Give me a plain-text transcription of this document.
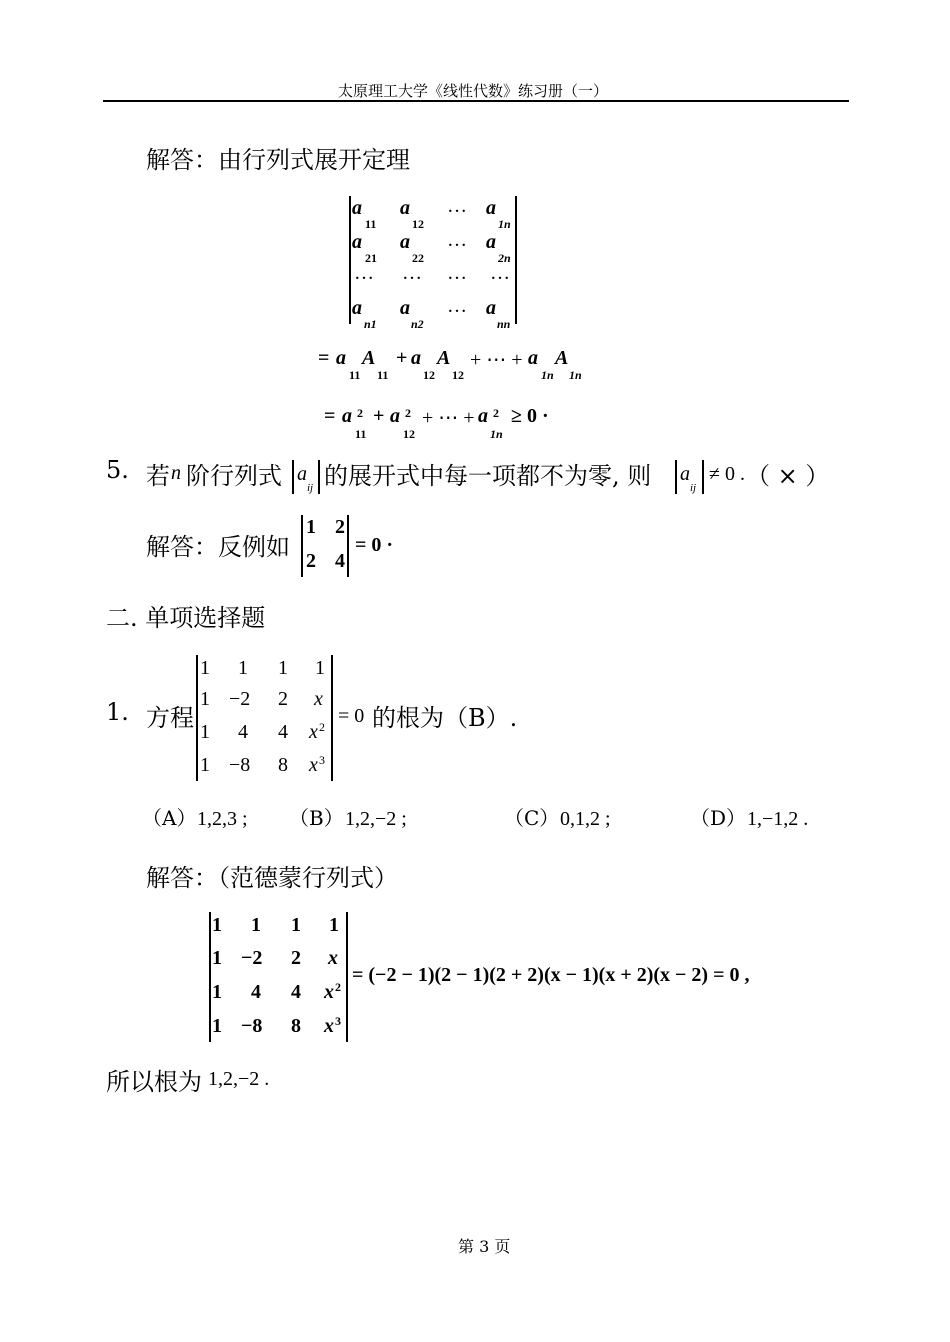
太原理工大学《线性代数》练习册（一）
解答：由行列式展开定理
a
11
a
12
… a
1n
a
21
a
22
… a
2n
… … … …
a
n1
a
n2
… a
nn
= a
11
A
11
+ a
12
A
12
+ ⋯ + a
1n
A
1n
= a 2
11
+ a 2
12
+ ⋯ + a 2
1n
≥ 0 ·
5. 若 n 阶行列式 a
ij 的展开式中每一项都不为零, 则 a
ij
≠ 0 . （ × ）
解答：反例如
1 2
2 4
= 0 ·
二. 单项选择题
1. 方程
1 1 1 1
1 −2 2 x
1 4 4 x 2
1 −8 8 x 3
= 0 的根为（B）.
（A） 1,2,3 ; （B） 1,2,−2 ;	（C） 0,1,2 ;	（D） 1,−1,2 .
解答：（范德蒙行列式）
1 1 1 1
1 −2 2 x
1 4 4 x 2
1 −8 8 x 3
= (−2 − 1)(2 − 1)(2 + 2)(x − 1)(x + 2)(x − 2) = 0 ,
所以根为 1,2,−2 .
第 3 页
